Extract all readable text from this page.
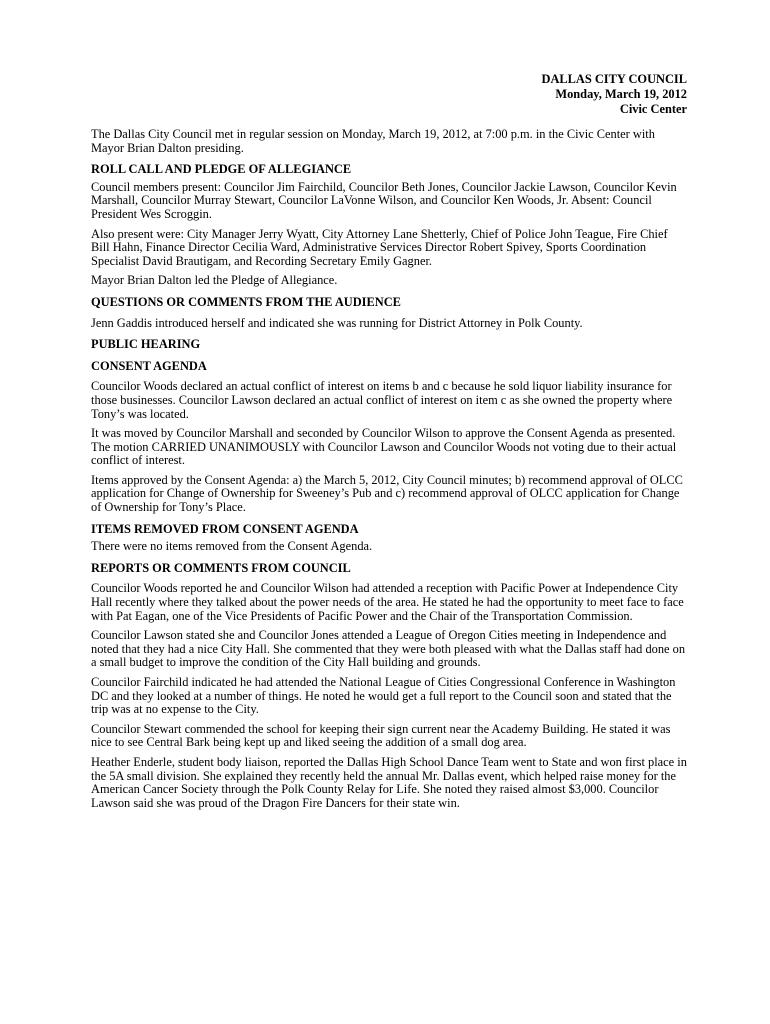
DALLAS CITY COUNCIL
Monday, March 19, 2012
Civic Center

The Dallas City Council met in regular session on Monday, March 19, 2012, at 7:00 p.m. in the Civic Center with Mayor Brian Dalton presiding.

ROLL CALL AND PLEDGE OF ALLEGIANCE

Council members present: Councilor Jim Fairchild, Councilor Beth Jones, Councilor Jackie Lawson, Councilor Kevin Marshall, Councilor Murray Stewart, Councilor LaVonne Wilson, and Councilor Ken Woods, Jr. Absent: Council President Wes Scroggin.

Also present were: City Manager Jerry Wyatt, City Attorney Lane Shetterly, Chief of Police John Teague, Fire Chief Bill Hahn, Finance Director Cecilia Ward, Administrative Services Director Robert Spivey, Sports Coordination Specialist David Brautigam, and Recording Secretary Emily Gagner.

Mayor Brian Dalton led the Pledge of Allegiance.

QUESTIONS OR COMMENTS FROM THE AUDIENCE

Jenn Gaddis introduced herself and indicated she was running for District Attorney in Polk County.

PUBLIC HEARING
CONSENT AGENDA

Councilor Woods declared an actual conflict of interest on items b and c because he sold liquor liability insurance for those businesses. Councilor Lawson declared an actual conflict of interest on item c as she owned the property where Tony’s was located.

It was moved by Councilor Marshall and seconded by Councilor Wilson to approve the Consent Agenda as presented. The motion CARRIED UNANIMOUSLY with Councilor Lawson and Councilor Woods not voting due to their actual conflict of interest.

Items approved by the Consent Agenda: a) the March 5, 2012, City Council minutes; b) recommend approval of OLCC application for Change of Ownership for Sweeney’s Pub and c) recommend approval of OLCC application for Change of Ownership for Tony’s Place.

ITEMS REMOVED FROM CONSENT AGENDA

There were no items removed from the Consent Agenda.

REPORTS OR COMMENTS FROM COUNCIL

Councilor Woods reported he and Councilor Wilson had attended a reception with Pacific Power at Independence City Hall recently where they talked about the power needs of the area. He stated he had the opportunity to meet face to face with Pat Eagan, one of the Vice Presidents of Pacific Power and the Chair of the Transportation Commission.

Councilor Lawson stated she and Councilor Jones attended a League of Oregon Cities meeting in Independence and noted that they had a nice City Hall. She commented that they were both pleased with what the Dallas staff had done on a small budget to improve the condition of the City Hall building and grounds.

Councilor Fairchild indicated he had attended the National League of Cities Congressional Conference in Washington DC and they looked at a number of things. He noted he would get a full report to the Council soon and stated that the trip was at no expense to the City.

Councilor Stewart commended the school for keeping their sign current near the Academy Building. He stated it was nice to see Central Bark being kept up and liked seeing the addition of a small dog area.

Heather Enderle, student body liaison, reported the Dallas High School Dance Team went to State and won first place in the 5A small division. She explained they recently held the annual Mr. Dallas event, which helped raise money for the American Cancer Society through the Polk County Relay for Life. She noted they raised almost $3,000. Councilor Lawson said she was proud of the Dragon Fire Dancers for their state win.
